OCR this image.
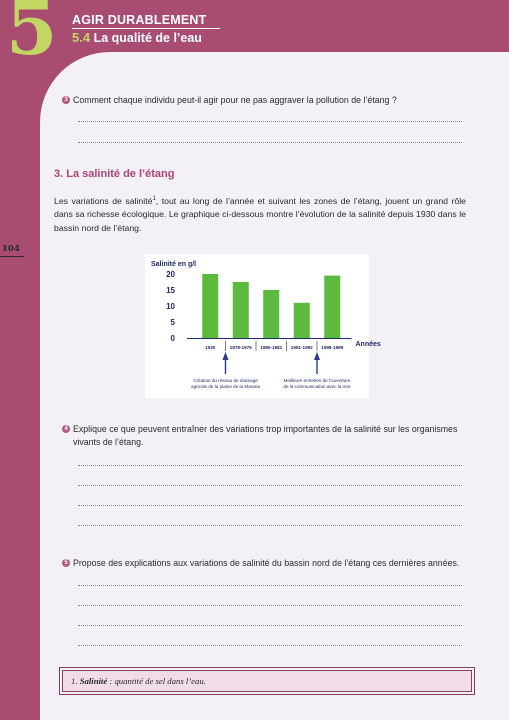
5 AGIR DURABLEMENT
5.4 La qualité de l’eau
104
3 Comment chaque individu peut-il agir pour ne pas aggraver la pollution de l’étang ?
3. La salinité de l’étang
Les variations de salinité$^1$, tout au long de l’année et suivant les zones de l’étang, jouent un grand rôle dans sa richesse écologique. Le graphique ci-dessous montre l’évolution de la salinité depuis 1930 dans le bassin nord de l’étang.
Salinité en g/l
0
5
10
15
20
1930	1978-1979 1980-1981 1991-1992 1998-1999 Années
Création du réseau de drainage
agricole de la plaine de la Marana
Meilleure entretien de l’ouverture
de la communication avec la mer
4 Explique ce que peuvent entraîner des variations trop importantes de la salinité sur les organismes vivants de l’étang.
5 Propose des explications aux variations de salinité du bassin nord de l’étang ces dernières années.
1. Salinité : quantité de sel dans l’eau.
